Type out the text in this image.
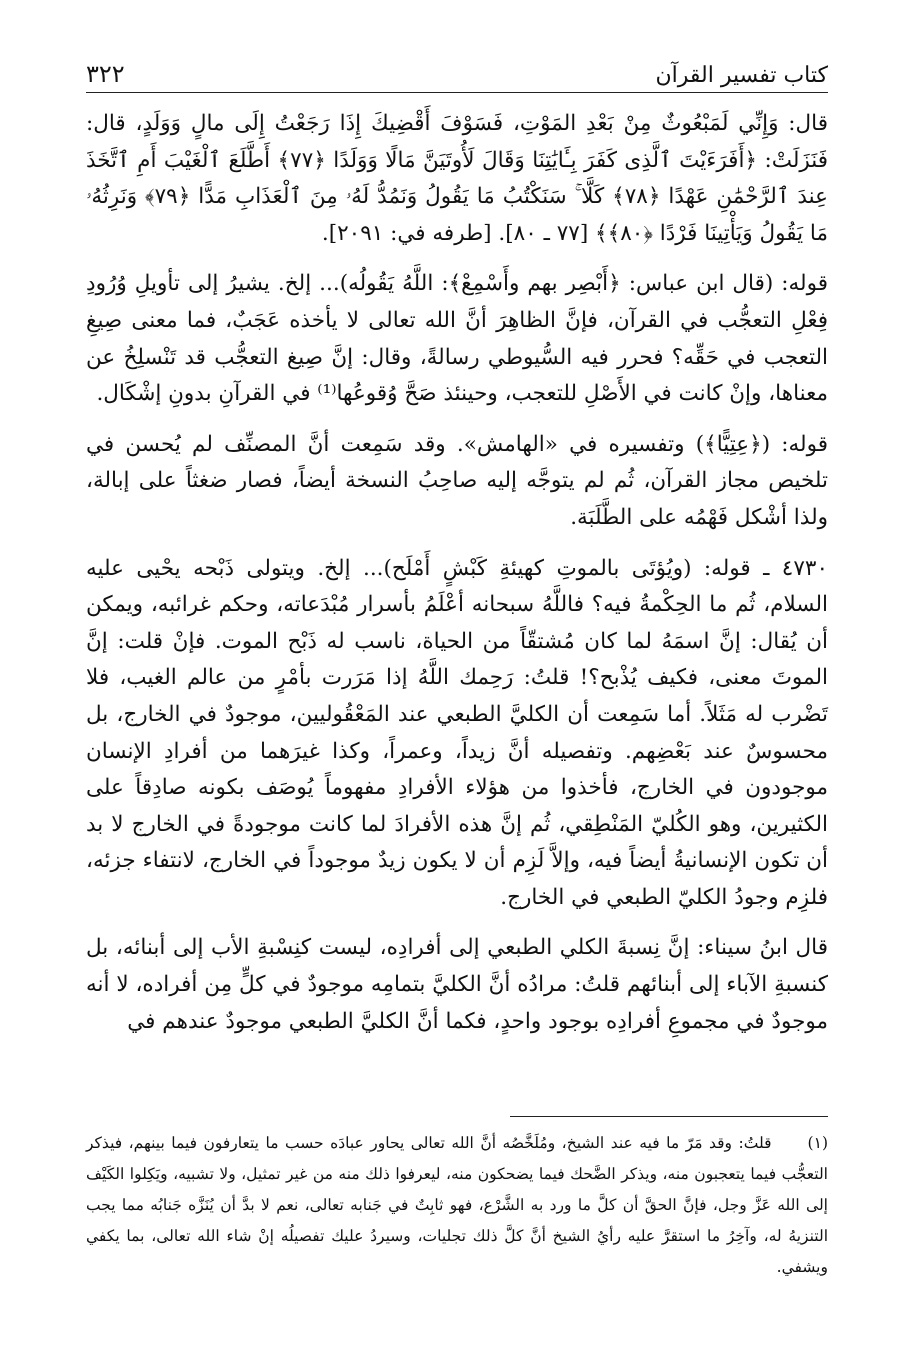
كتاب تفسير القرآن
٣٢٢

قال: وَإِنِّي لَمَبْعُوثٌ مِنْ بَعْدِ المَوْتِ، فَسَوْفَ أَقْضِيكَ إِذَا رَجَعْتُ إِلَى مالٍ وَوَلَدٍ، قال: فَنَزَلَتْ: ﴿أَفَرَءَيْتَ ٱلَّذِى كَفَرَ بِـَٔايَٰتِنَا وَقَالَ لَأُوتَيَنَّ مَالًا وَوَلَدًا ﴿٧٧﴾ أَطَّلَعَ ٱلْغَيْبَ أَمِ ٱتَّخَذَ عِندَ ٱلرَّحْمَٰنِ عَهْدًا ﴿٧٨﴾ كَلَّا ۚ سَنَكْتُبُ مَا يَقُولُ وَنَمُدُّ لَهُۥ مِنَ ٱلْعَذَابِ مَدًّا ﴿٧٩﴾ وَنَرِثُهُۥ مَا يَقُولُ وَيَأْتِينَا فَرْدًا ﴿٨٠﴾﴾ [٧٧ ـ ٨٠]. [طرفه في: ٢٠٩١].

قوله: (قال ابن عباس: ﴿أَبْصِر بهم وأَسْمِعْ﴾: اللَّهُ يَقُولُه)... إلخ. يشيرُ إلى تأويلِ وُرُودِ فِعْلِ التعجُّب في القرآن، فإنَّ الظاهِرَ أنَّ الله تعالى لا يأخذه عَجَبٌ، فما معنى صِيغِ التعجب في حَقِّه؟ فحرر فيه السُّيوطي رسالةً، وقال: إنَّ صِيغ التعجُّب قد تَنْسلِخُ عن معناها، وإنْ كانت في الأَصْلِ للتعجب، وحينئذ صَحَّ وُقوعُها⁽¹⁾ في القرآنِ بدونِ إشْكَال.

قوله: (﴿عِتِيًّا﴾) وتفسيره في «الهامش». وقد سَمِعت أنَّ المصنِّف لم يُحسن في تلخيص مجاز القرآن، ثُم لم يتوجَّه إليه صاحِبُ النسخة أيضاً، فصار ضغثاً على إبالة، ولذا أشْكل فَهْمُه على الطَّلَبَة.

٤٧٣٠ ـ قوله: (ويُؤتَى بالموتِ كهيئةِ كَبْشٍ أَمْلَح)... إلخ. ويتولى ذَبْحه يحْيى عليه السلام، ثُم ما الحِكْمةُ فيه؟ فاللَّهُ سبحانه أعْلَمُ بأسرار مُبْدَعاته، وحكم غرائبه، ويمكن أن يُقال: إنَّ اسمَهُ لما كان مُشتقّاً من الحياة، ناسب له ذَبْح الموت. فإنْ قلت: إنَّ الموتَ معنى، فكيف يُذْبح؟! قلتُ: رَحِمك اللَّهُ إذا مَرَرت بأمْرٍ من عالم الغيب، فلا تَضْرب له مَثَلاً. أما سَمِعت أن الكليَّ الطبعي عند المَعْقُوليين، موجودٌ في الخارج، بل محسوسٌ عند بَعْضِهم. وتفصيله أنَّ زيداً، وعمراً، وكذا غيرَهما من أفرادِ الإنسان موجودون في الخارج، فأخذوا من هؤلاء الأفرادِ مفهوماً يُوصَف بكونه صادِقاً على الكثيرين، وهو الكُليّ المَنْطِقي، ثُم إنَّ هذه الأفرادَ لما كانت موجودةً في الخارج لا بد أن تكون الإنسانيةُ أيضاً فيه، وإلاَّ لَزِم أن لا يكون زيدٌ موجوداً في الخارج، لانتفاء جزئه، فلزِم وجودُ الكليّ الطبعي في الخارج.

قال ابنُ سيناء: إنَّ نِسبةَ الكلي الطبعي إلى أفرادِه، ليست كنِسْبةِ الأب إلى أبنائه، بل كنسبةِ الآباء إلى أبنائهم قلتُ: مرادُه أنَّ الكليَّ بتمامِه موجودٌ في كلٍّ مِن أفراده، لا أنه موجودٌ في مجموعِ أفرادِه بوجود واحدٍ، فكما أنَّ الكليَّ الطبعي موجودٌ عندهم في

(١) قلتُ: وقد مَرّ ما فيه عند الشيخ، ومُلَخَّصُه أنَّ الله تعالى يحاور عبادَه حسب ما يتعارفون فيما بينهم، فيذكر التعجُّب فيما يتعجبون منه، ويذكر الضَّحك فيما يضحكون منه، ليعرفوا ذلك منه من غير تمثيل، ولا تشبيه، ويَكِلوا الكَيْف إلى الله عَزَّ وجل، فإنَّ الحقَّ أن كلَّ ما ورد به الشَّرْع، فهو ثابِتٌ في جَنابه تعالى، نعم لا بدَّ أن يُنَزَّه جَنابُه مما يجب التنزيهُ له، وآخِرُ ما استقرَّ عليه رأيُ الشيخ أنَّ كلَّ ذلك تجليات، وسيردُ عليك تفصيلُه إنْ شاء الله تعالى، بما يكفي ويشفي.
